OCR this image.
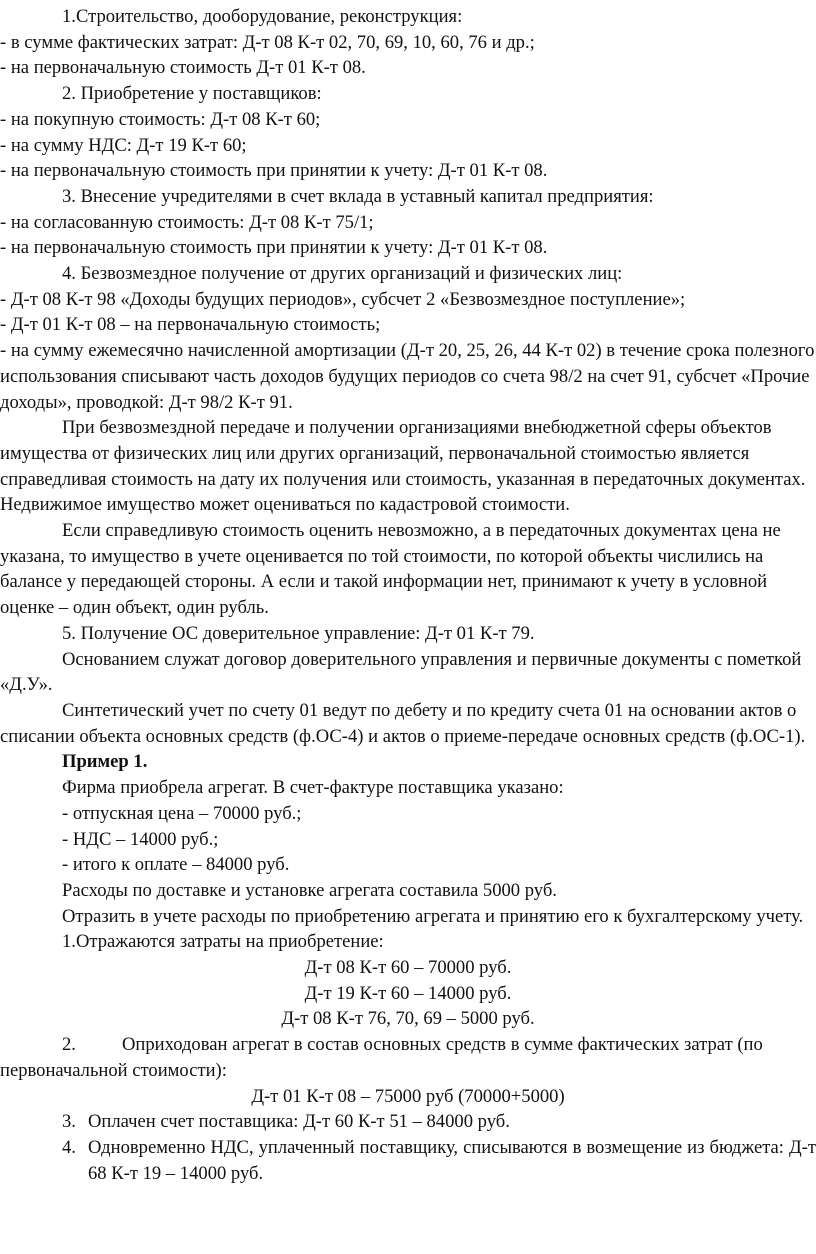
1.Строительство, дооборудование, реконструкция:

- в сумме фактических затрат: Д-т 08 К-т 02, 70, 69, 10, 60, 76 и др.;

- на первоначальную стоимость Д-т 01 К-т 08.

2. Приобретение у поставщиков:

- на покупную стоимость: Д-т 08 К-т 60;

- на сумму НДС: Д-т 19 К-т 60;

- на первоначальную стоимость при принятии к учету: Д-т 01 К-т 08.

3. Внесение учредителями в счет вклада в уставный капитал предприятия:

- на согласованную стоимость: Д-т 08 К-т 75/1;

- на первоначальную стоимость при принятии к учету: Д-т 01 К-т 08.

4. Безвозмездное получение от других организаций и физических лиц:

- Д-т 08 К-т 98 «Доходы будущих периодов», субсчет 2 «Безвозмездное поступление»;

- Д-т 01 К-т 08 – на первоначальную стоимость;

- на сумму ежемесячно начисленной амортизации (Д-т 20, 25, 26, 44 К-т 02) в течение срока полезного использования списывают часть доходов будущих периодов со счета 98/2 на счет 91, субсчет «Прочие доходы», проводкой: Д-т 98/2 К-т 91.

При безвозмездной передаче и получении организациями внебюджетной сферы объектов имущества от физических лиц или других организаций, первоначальной стоимостью является справедливая стоимость на дату их получения или стоимость, указанная в передаточных документах. Недвижимое имущество может оцениваться по кадастровой стоимости.

Если справедливую стоимость оценить невозможно, а в передаточных документах цена не указана, то имущество в учете оценивается по той стоимости, по которой объекты числились на балансе у передающей стороны. А если и такой информации нет, принимают к учету в условной оценке – один объект, один рубль.

5. Получение ОС доверительное управление: Д-т 01 К-т 79.

Основанием служат договор доверительного управления и первичные документы с пометкой «Д.У».

Синтетический учет по счету 01 ведут по дебету и по кредиту счета 01 на основании актов о списании объекта основных средств (ф.ОС-4) и актов о приеме-передаче основных средств (ф.ОС-1).

Пример 1.

Фирма приобрела агрегат. В счет-фактуре поставщика указано:

- отпускная цена – 70000 руб.;

- НДС – 14000 руб.;

- итого к оплате – 84000 руб.

Расходы по доставке и установке агрегата составила 5000 руб.

Отразить в учете расходы по приобретению агрегата и принятию его к бухгалтерскому учету.

1.Отражаются затраты на приобретение:

Д-т 08 К-т 60 – 70000 руб.

Д-т 19 К-т 60 – 14000 руб.

Д-т 08 К-т 76, 70, 69 – 5000 руб.

2. Оприходован агрегат в состав основных средств в сумме фактических затрат (по первоначальной стоимости):

Д-т 01 К-т 08 – 75000 руб (70000+5000)

3. Оплачен счет поставщика: Д-т 60 К-т 51 – 84000 руб.
4. Одновременно НДС, уплаченный поставщику, списываются в возмещение из бюджета: Д-т 68 К-т 19 – 14000 руб.
